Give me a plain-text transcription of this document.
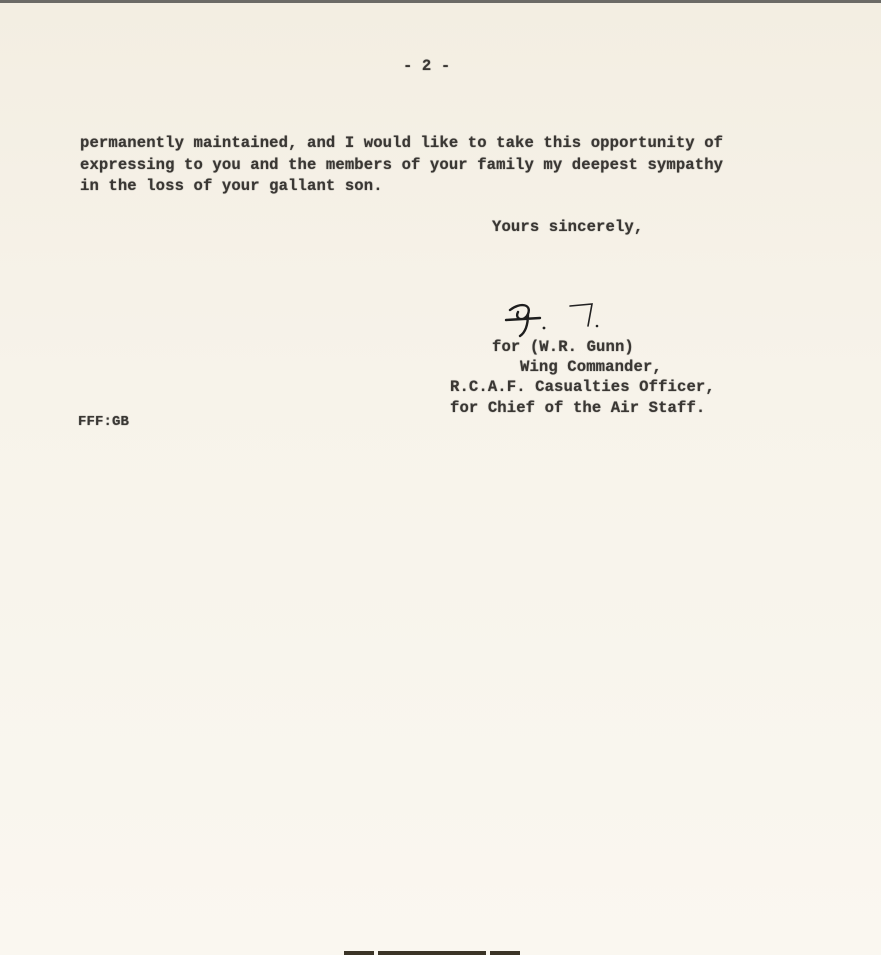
- 2 -
permanently maintained, and I would like to take this opportunity of
expressing to you and the members of your family my deepest sympathy
in the loss of your gallant son.
Yours sincerely,
for (W.R. Gunn)
Wing Commander,
R.C.A.F. Casualties Officer,
for Chief of the Air Staff.
FFF:GB
